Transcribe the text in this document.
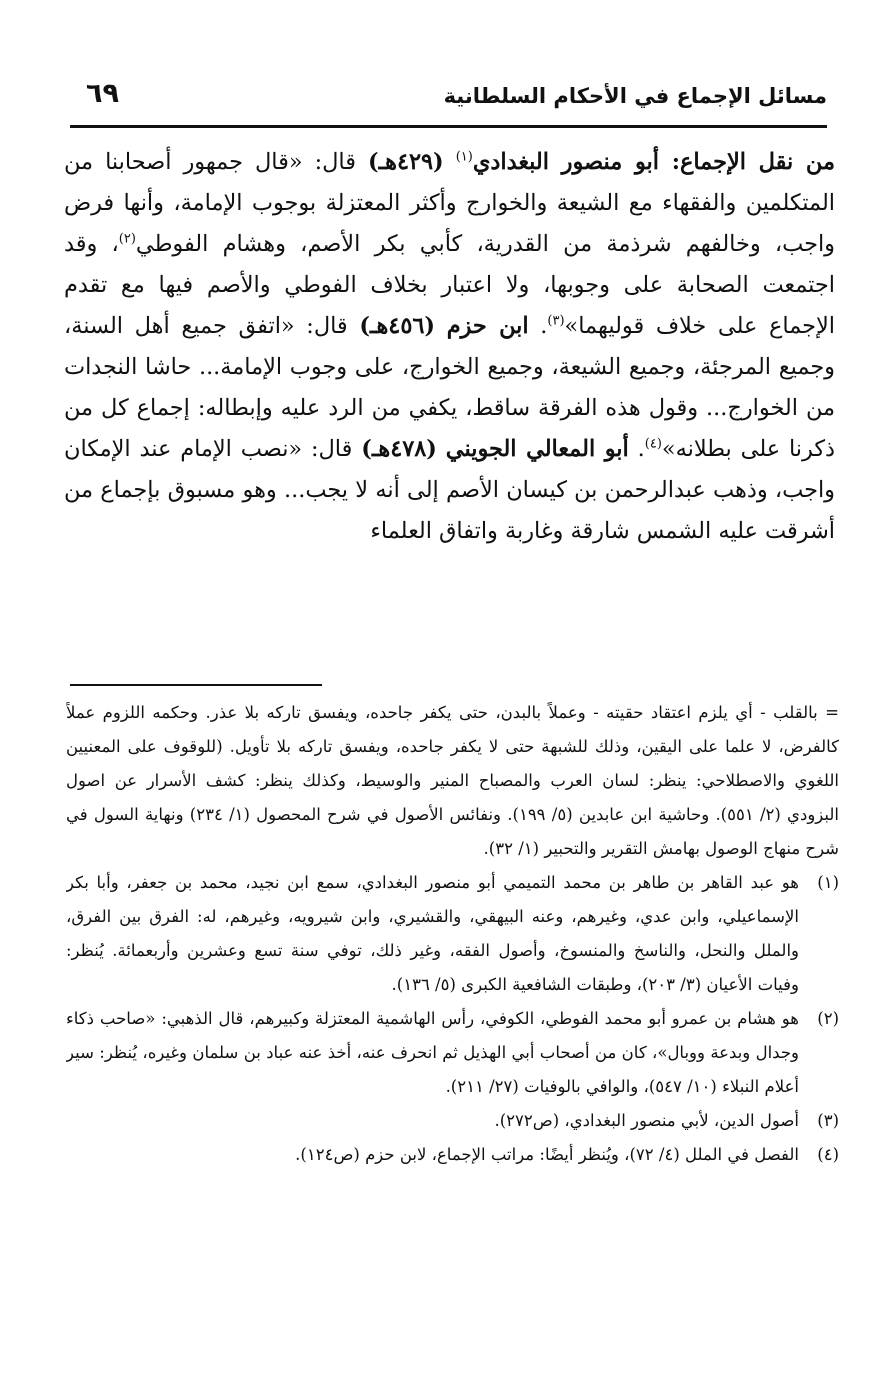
مسائل الإجماع في الأحكام السلطانية
٦٩

من نقل الإجماع: أبو منصور البغدادي$^{(١)}$ (٤٢٩هـ) قال: «قال جمهور أصحابنا من المتكلمين والفقهاء مع الشيعة والخوارج وأكثر المعتزلة بوجوب الإمامة، وأنها فرض واجب، وخالفهم شرذمة من القدرية، كأبي بكر الأصم، وهشام الفوطي$^{(٢)}$، وقد اجتمعت الصحابة على وجوبها، ولا اعتبار بخلاف الفوطي والأصم فيها مع تقدم الإجماع على خلاف قوليهما»$^{(٣)}$. ابن حزم (٤٥٦هـ) قال: «اتفق جميع أهل السنة، وجميع المرجئة، وجميع الشيعة، وجميع الخوارج، على وجوب الإمامة... حاشا النجدات من الخوارج... وقول هذه الفرقة ساقط، يكفي من الرد عليه وإبطاله: إجماع كل من ذكرنا على بطلانه»$^{(٤)}$. أبو المعالي الجويني (٤٧٨هـ) قال: «نصب الإمام عند الإمكان واجب، وذهب عبدالرحمن بن كيسان الأصم إلى أنه لا يجب... وهو مسبوق بإجماع من أشرقت عليه الشمس شارقة وغاربة واتفاق العلماء

= بالقلب - أي يلزم اعتقاد حقيته - وعملاً بالبدن، حتى يكفر جاحده، ويفسق تاركه بلا عذر. وحكمه اللزوم عملاً كالفرض، لا علما على اليقين، وذلك للشبهة حتى لا يكفر جاحده، ويفسق تاركه بلا تأويل. (للوقوف على المعنيين اللغوي والاصطلاحي: ينظر: لسان العرب والمصباح المنير والوسيط، وكذلك ينظر: كشف الأسرار عن اصول البزودي (٢/ ٥٥١). وحاشية ابن عابدين (٥/ ١٩٩). ونفائس الأصول في شرح المحصول (١/ ٢٣٤) ونهاية السول في شرح منهاج الوصول بهامش التقرير والتحبير (١/ ٣٢).

(١)
هو عبد القاهر بن طاهر بن محمد التميمي أبو منصور البغدادي، سمع ابن نجيد، محمد بن جعفر، وأبا بكر الإسماعيلي، وابن عدي، وغيرهم، وعنه البيهقي، والقشيري، وابن شيرويه، وغيرهم، له: الفرق بين الفرق، والملل والنحل، والناسخ والمنسوخ، وأصول الفقه، وغير ذلك، توفي سنة تسع وعشرين وأربعمائة. يُنظر: وفيات الأعيان (٣/ ٢٠٣)، وطبقات الشافعية الكبرى (٥/ ١٣٦).

(٢)
هو هشام بن عمرو أبو محمد الفوطي، الكوفي، رأس الهاشمية المعتزلة وكبيرهم، قال الذهبي: «صاحب ذكاء وجدال وبدعة ووبال»، كان من أصحاب أبي الهذيل ثم انحرف عنه، أخذ عنه عباد بن سلمان وغيره، يُنظر: سير أعلام النبلاء (١٠/ ٥٤٧)، والوافي بالوفيات (٢٧/ ٢١١).

(٣)
أصول الدين، لأبي منصور البغدادي، (ص٢٧٢).

(٤)
الفصل في الملل (٤/ ٧٢)، ويُنظر أيضًا: مراتب الإجماع، لابن حزم (ص١٢٤).
